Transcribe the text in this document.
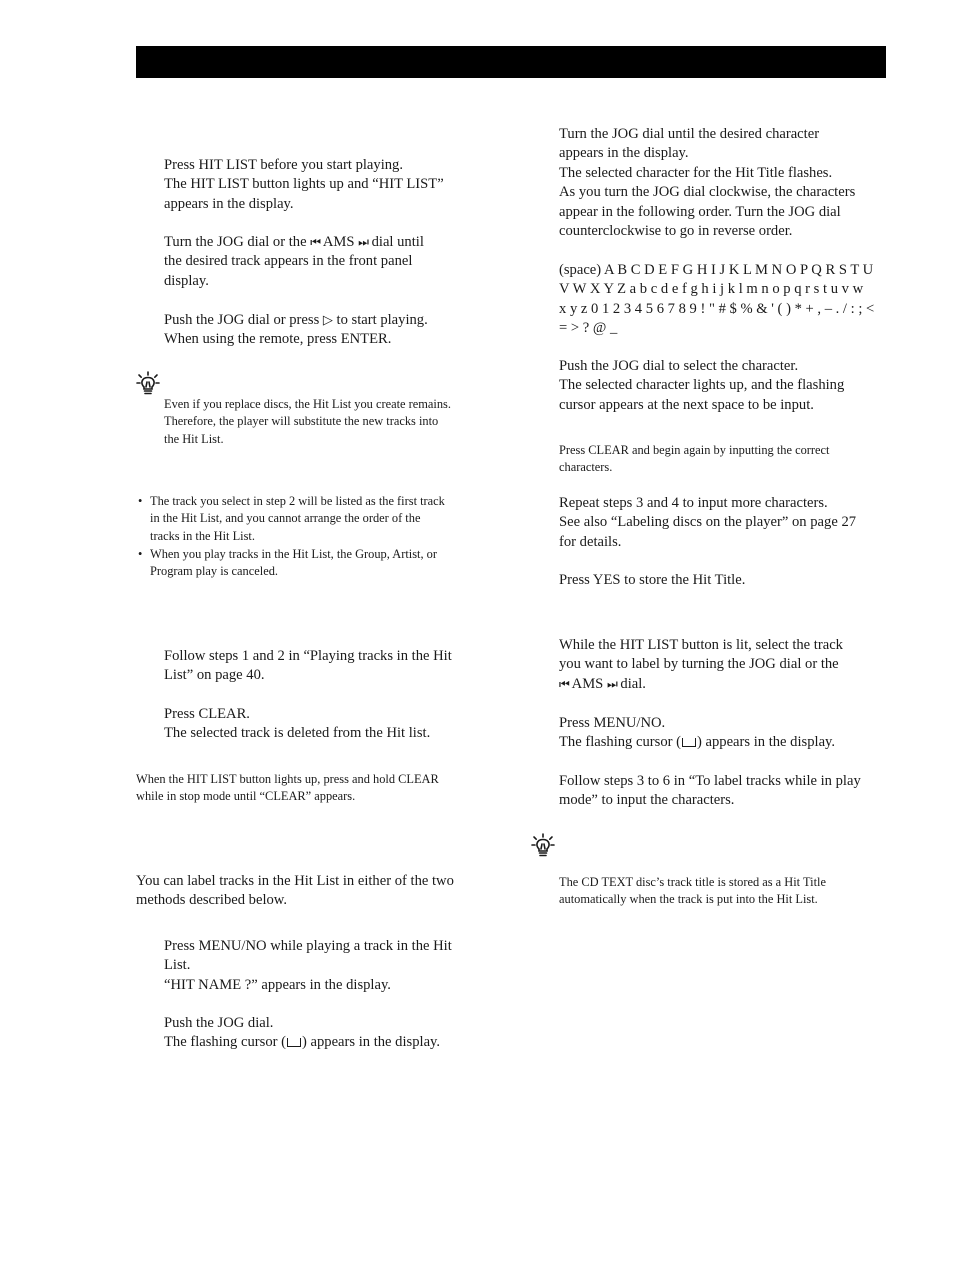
Press HIT LIST before you start playing.
The HIT LIST button lights up and “HIT LIST”
appears in the display.

Turn the JOG dial or the ⏮ AMS ⏭ dial until
the desired track appears in the front panel
display.

Push the JOG dial or press ▷ to start playing.
When using the remote, press ENTER.

Even if you replace discs, the Hit List you create remains.
Therefore, the player will substitute the new tracks into
the Hit List.

• The track you select in step 2 will be listed as the first track
in the Hit List, and you cannot arrange the order of the
tracks in the Hit List.

• When you play tracks in the Hit List, the Group, Artist, or
Program play is canceled.

Follow steps 1 and 2 in “Playing tracks in the Hit
List” on page 40.

Press CLEAR.
The selected track is deleted from the Hit list.

When the HIT LIST button lights up, press and hold CLEAR
while in stop mode until “CLEAR” appears.

You can label tracks in the Hit List in either of the two
methods described below.

Press MENU/NO while playing a track in the Hit
List.
“HIT NAME ?” appears in the display.

Push the JOG dial.
The flashing cursor ( ) appears in the display.

Turn the JOG dial until the desired character
appears in the display.
The selected character for the Hit Title flashes.
As you turn the JOG dial clockwise, the characters
appear in the following order. Turn the JOG dial
counterclockwise to go in reverse order.

(space) A B C D E F G H I J K L M N O P Q R S T U
V W X Y Z a b c d e f g h i j k l m n o p q r s t u v w
x y z 0 1 2 3 4 5 6 7 8 9 ! " # $ % & ' ( ) * + , – . / : ; <
= > ? @ _

Push the JOG dial to select the character.
The selected character lights up, and the flashing
cursor appears at the next space to be input.

Press CLEAR and begin again by inputting the correct
characters.

Repeat steps 3 and 4 to input more characters.
See also “Labeling discs on the player” on page 27
for details.

Press YES to store the Hit Title.

While the HIT LIST button is lit, select the track
you want to label by turning the JOG dial or the
⏮ AMS ⏭ dial.

Press MENU/NO.
The flashing cursor ( ) appears in the display.

Follow steps 3 to 6 in “To label tracks while in play
mode” to input the characters.

The CD TEXT disc’s track title is stored as a Hit Title
automatically when the track is put into the Hit List.
